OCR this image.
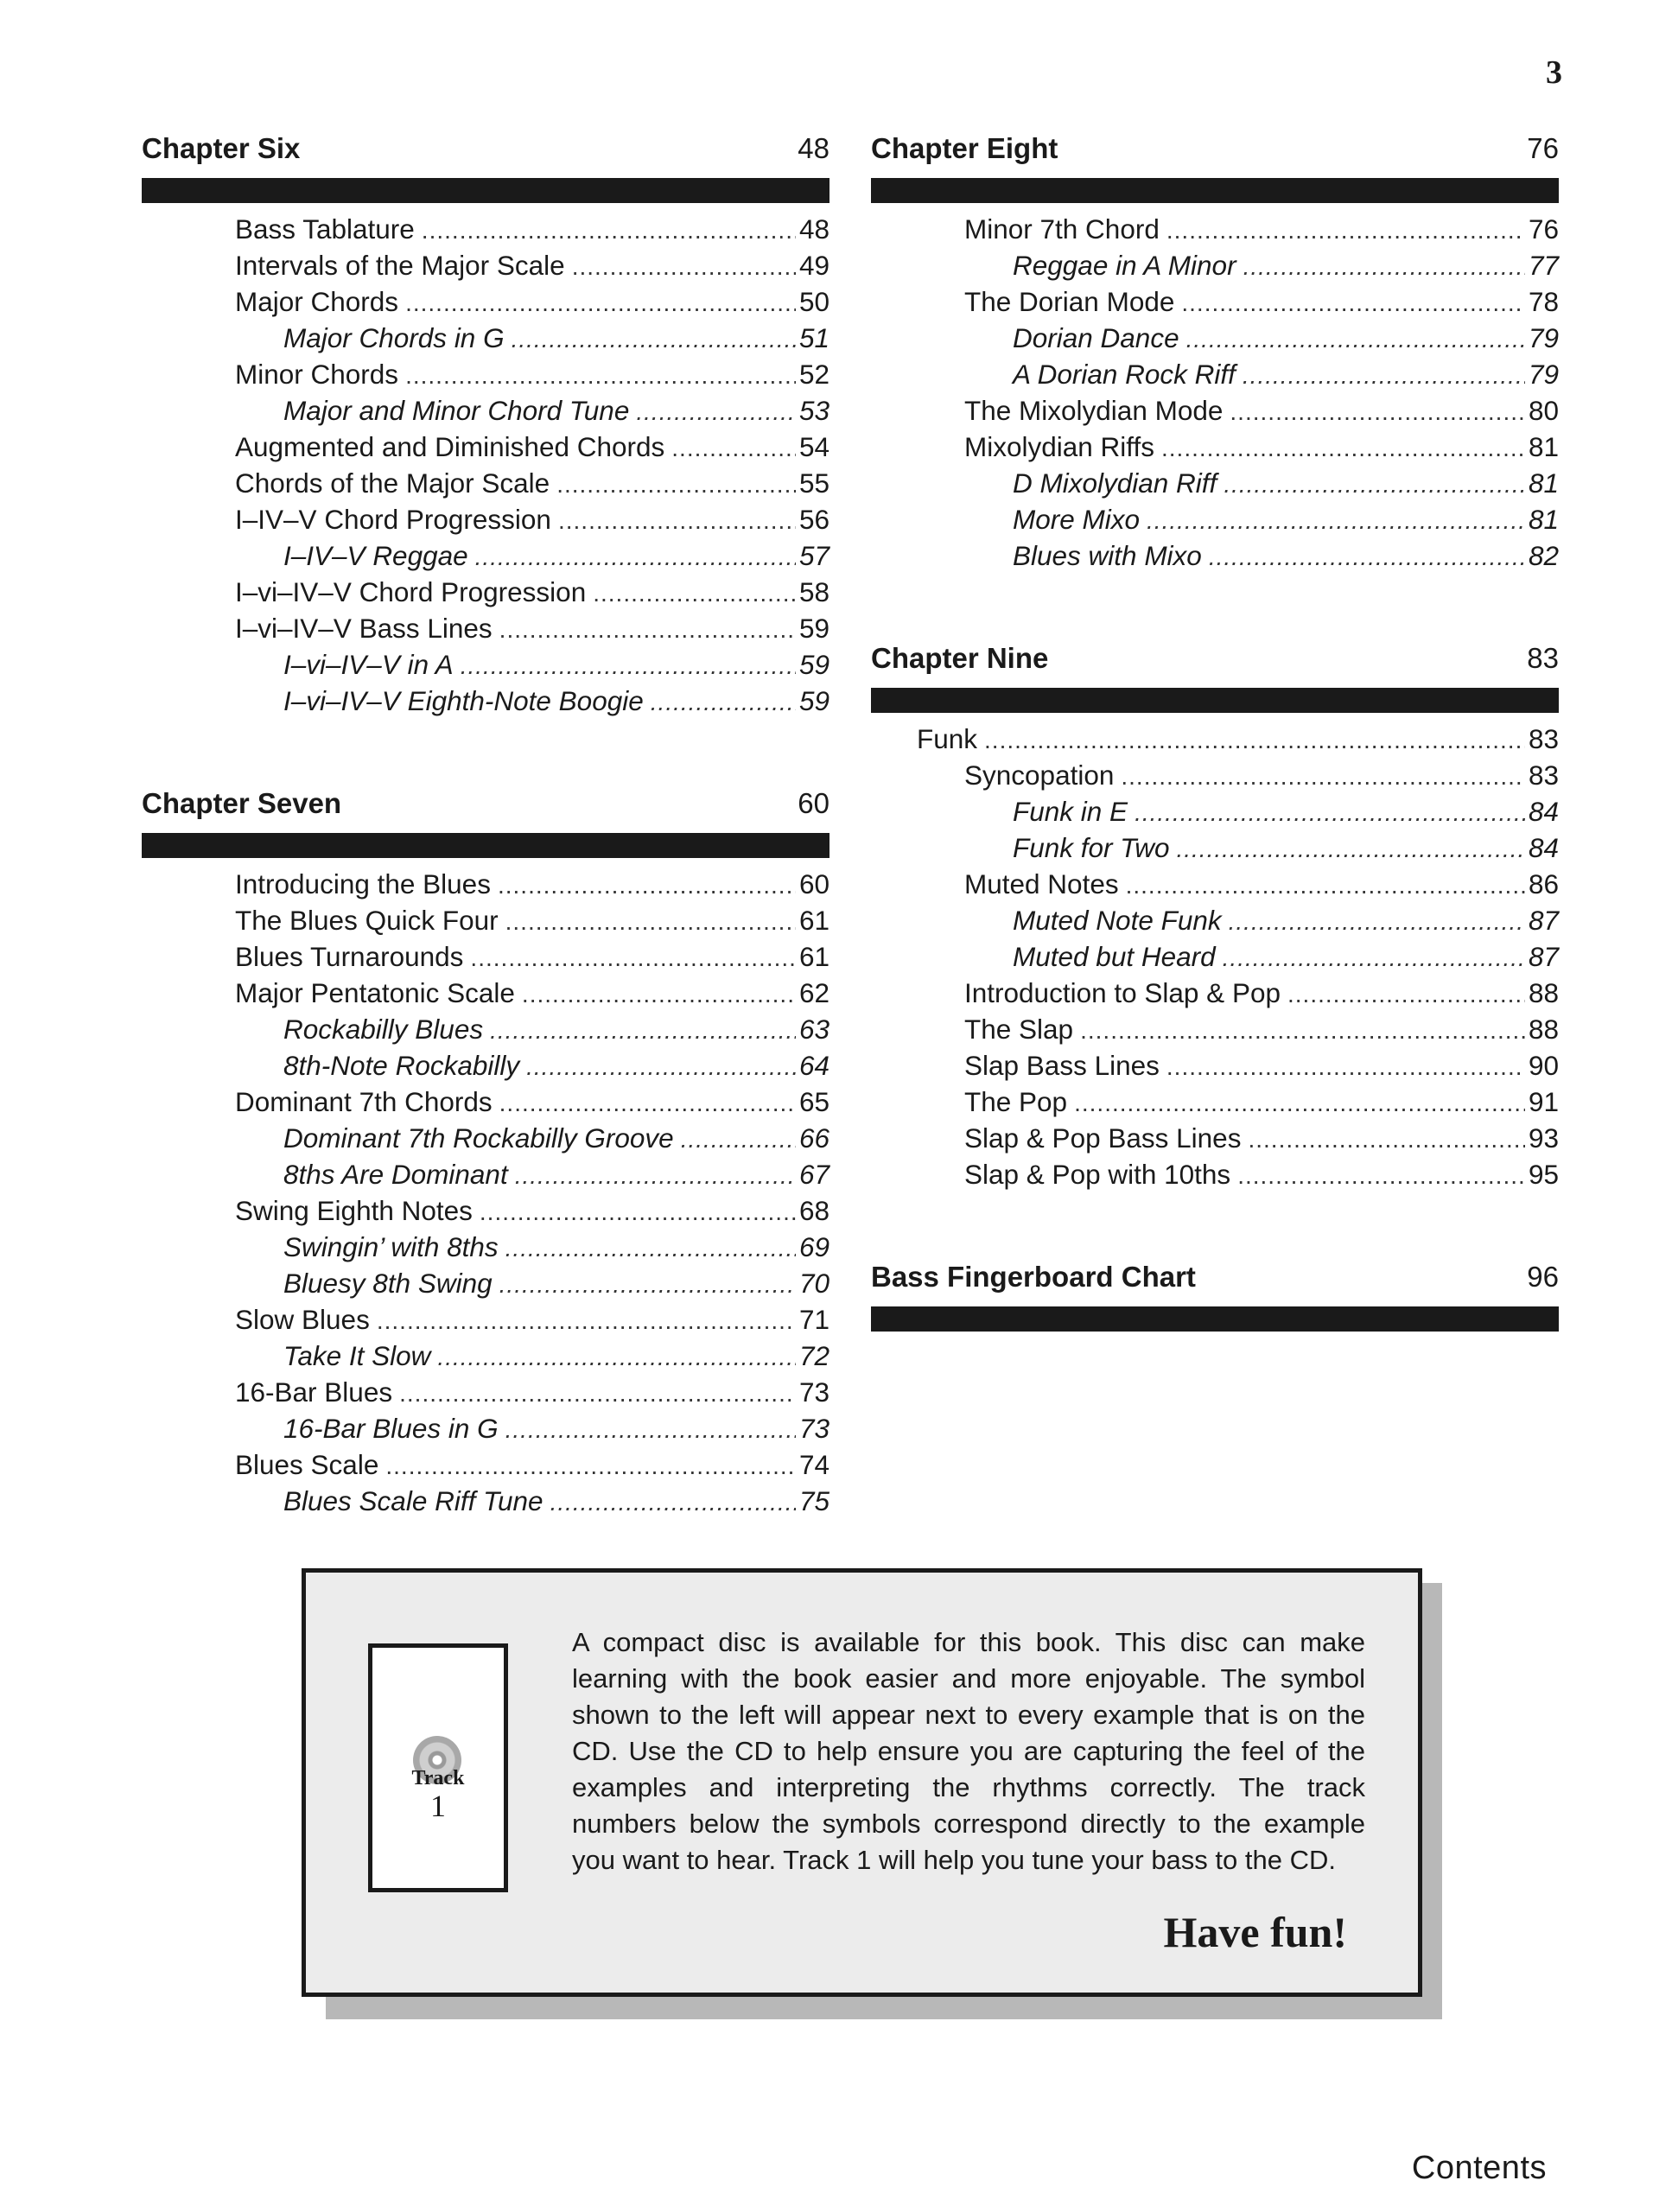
3
Chapter Six	48
Bass Tablature .....	48
Intervals of the Major Scale .....	49
Major Chords .....	50
Major Chords in G .....	51
Minor Chords .....	52
Major and Minor Chord Tune .....	53
Augmented and Diminished Chords .....	54
Chords of the Major Scale .....	55
I–IV–V Chord Progression .....	56
I–IV–V Reggae .....	57
I–vi–IV–V Chord Progression .....	58
I–vi–IV–V Bass Lines .....	59
I–vi–IV–V in A .....	59
I–vi–IV–V Eighth-Note Boogie .....	59
Chapter Seven	60
Introducing the Blues .....	60
The Blues Quick Four .....	61
Blues Turnarounds .....	61
Major Pentatonic Scale .....	62
Rockabilly Blues .....	63
8th-Note Rockabilly .....	64
Dominant 7th Chords .....	65
Dominant 7th Rockabilly Groove .....	66
8ths Are Dominant .....	67
Swing Eighth Notes .....	68
Swingin’ with 8ths .....	69
Bluesy 8th Swing .....	70
Slow Blues .....	71
Take It Slow .....	72
16-Bar Blues .....	73
16-Bar Blues in G .....	73
Blues Scale .....	74
Blues Scale Riff Tune .....	75
Chapter Eight	76
Minor 7th Chord .....	76
Reggae in A Minor .....	77
The Dorian Mode .....	78
Dorian Dance .....	79
A Dorian Rock Riff .....	79
The Mixolydian Mode .....	80
Mixolydian Riffs .....	81
D Mixolydian Riff .....	81
More Mixo .....	81
Blues with Mixo .....	82
Chapter Nine	83
Funk .....	83
Syncopation .....	83
Funk in E .....	84
Funk for Two .....	84
Muted Notes .....	86
Muted Note Funk .....	87
Muted but Heard .....	87
Introduction to Slap & Pop .....	88
The Slap .....	88
Slap Bass Lines .....	90
The Pop .....	91
Slap & Pop Bass Lines .....	93
Slap & Pop with 10ths .....	95
Bass Fingerboard Chart	96
Track
1
A compact disc is available for this book. This disc can make learning with the book easier and more enjoyable. The symbol shown to the left will appear next to every example that is on the CD. Use the CD to help ensure you are capturing the feel of the examples and interpreting the rhythms correctly. The track numbers below the symbols correspond directly to the example you want to hear. Track 1 will help you tune your bass to the CD.
Have fun!
Contents
